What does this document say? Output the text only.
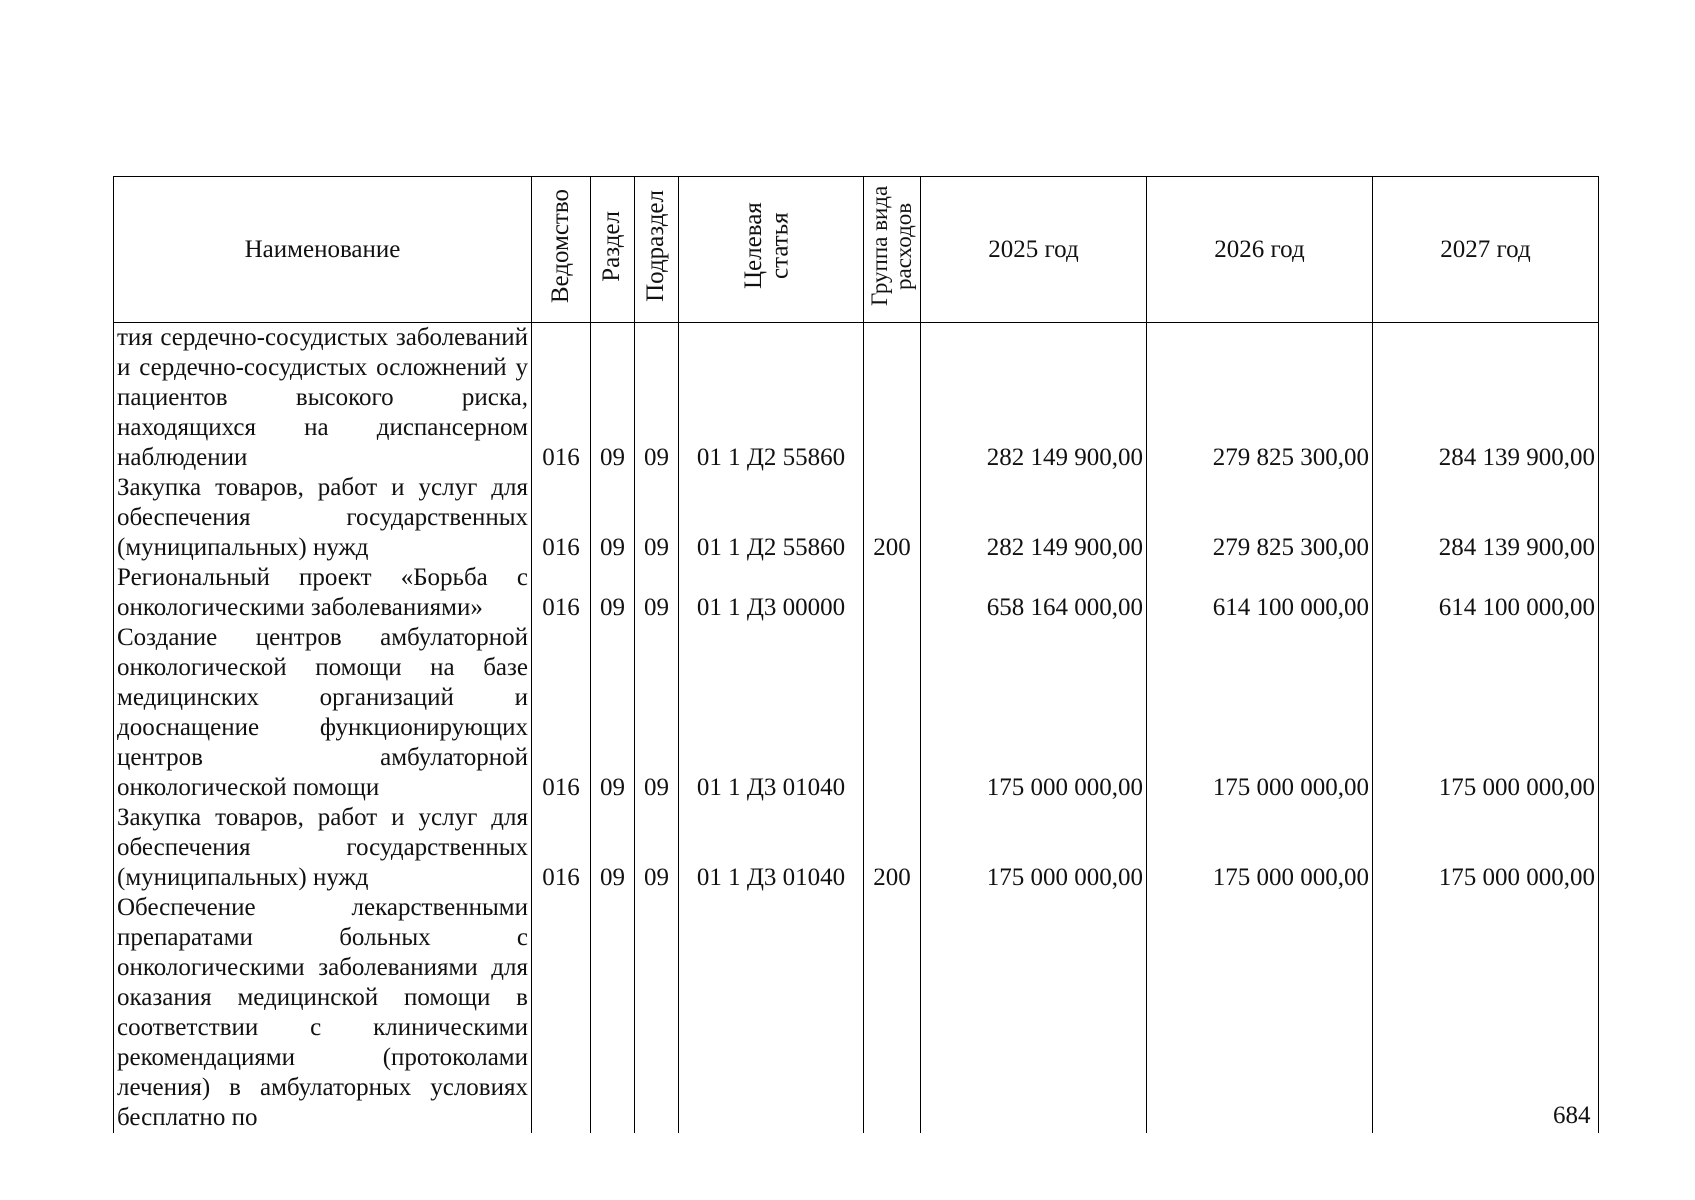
Наименование	Ведомство	Раздел	Подраздел	Целевая статья	Группа вида расходов	2025 год	2026 год	2027 год
тия сердечно-сосудистых заболеваний и сердечно-сосудистых осложнений у пациентов высокого риска, находящихся на диспансерном наблюдении	016	09	09	01 1 Д2 55860		282 149 900,00	279 825 300,00	284 139 900,00
Закупка товаров, работ и услуг для обеспечения государственных (муниципальных) нужд	016	09	09	01 1 Д2 55860	200	282 149 900,00	279 825 300,00	284 139 900,00
Региональный проект «Борьба с онкологическими заболеваниями»	016	09	09	01 1 Д3 00000		658 164 000,00	614 100 000,00	614 100 000,00
Создание центров амбулаторной онкологической помощи на базе медицинских организаций и дооснащение функционирующих центров амбулаторной онкологической помощи	016	09	09	01 1 Д3 01040		175 000 000,00	175 000 000,00	175 000 000,00
Закупка товаров, работ и услуг для обеспечения государственных (муниципальных) нужд	016	09	09	01 1 Д3 01040	200	175 000 000,00	175 000 000,00	175 000 000,00
Обеспечение лекарственными препаратами больных с онкологическими заболеваниями для оказания медицинской помощи в соответствии с клиническими рекомендациями (протоколами лечения) в амбулаторных условиях бесплатно по									684
